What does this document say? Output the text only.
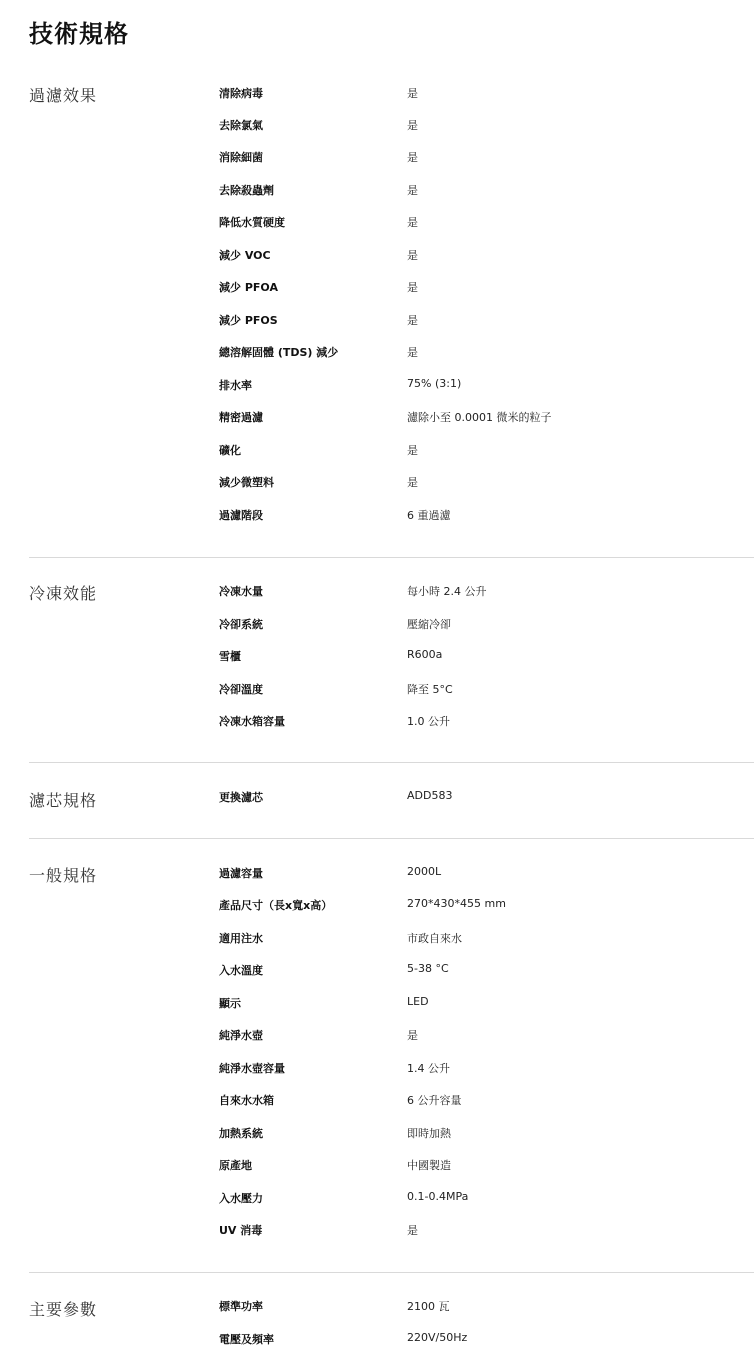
技術規格
過濾效果	清除病毒	是
去除氯氣	是
消除細菌	是
去除殺蟲劑	是
降低水質硬度	是
減少 VOC	是
減少 PFOA	是
減少 PFOS	是
總溶解固體 (TDS) 減少	是
排水率	75% (3:1)
精密過濾	濾除小至 0.0001 微米的粒子
礦化	是
減少微塑料	是
過濾階段	6 重過濾
冷凍效能	冷凍水量	每小時 2.4 公升
冷卻系統	壓縮冷卻
雪櫃	R600a
冷卻溫度	降至 5°C
冷凍水箱容量	1.0 公升
濾芯規格	更換濾芯	ADD583
一般規格	過濾容量	2000L
產品尺寸（長x寬x高）	270*430*455 mm
適用注水	市政自來水
入水溫度	5-38 °C
顯示	LED
純淨水壺	是
純淨水壺容量	1.4 公升
自來水水箱	6 公升容量
加熱系統	即時加熱
原產地	中國製造
入水壓力	0.1-0.4MPa
UV 消毒	是
主要參數	標準功率	2100 瓦
電壓及頻率	220V/50Hz
